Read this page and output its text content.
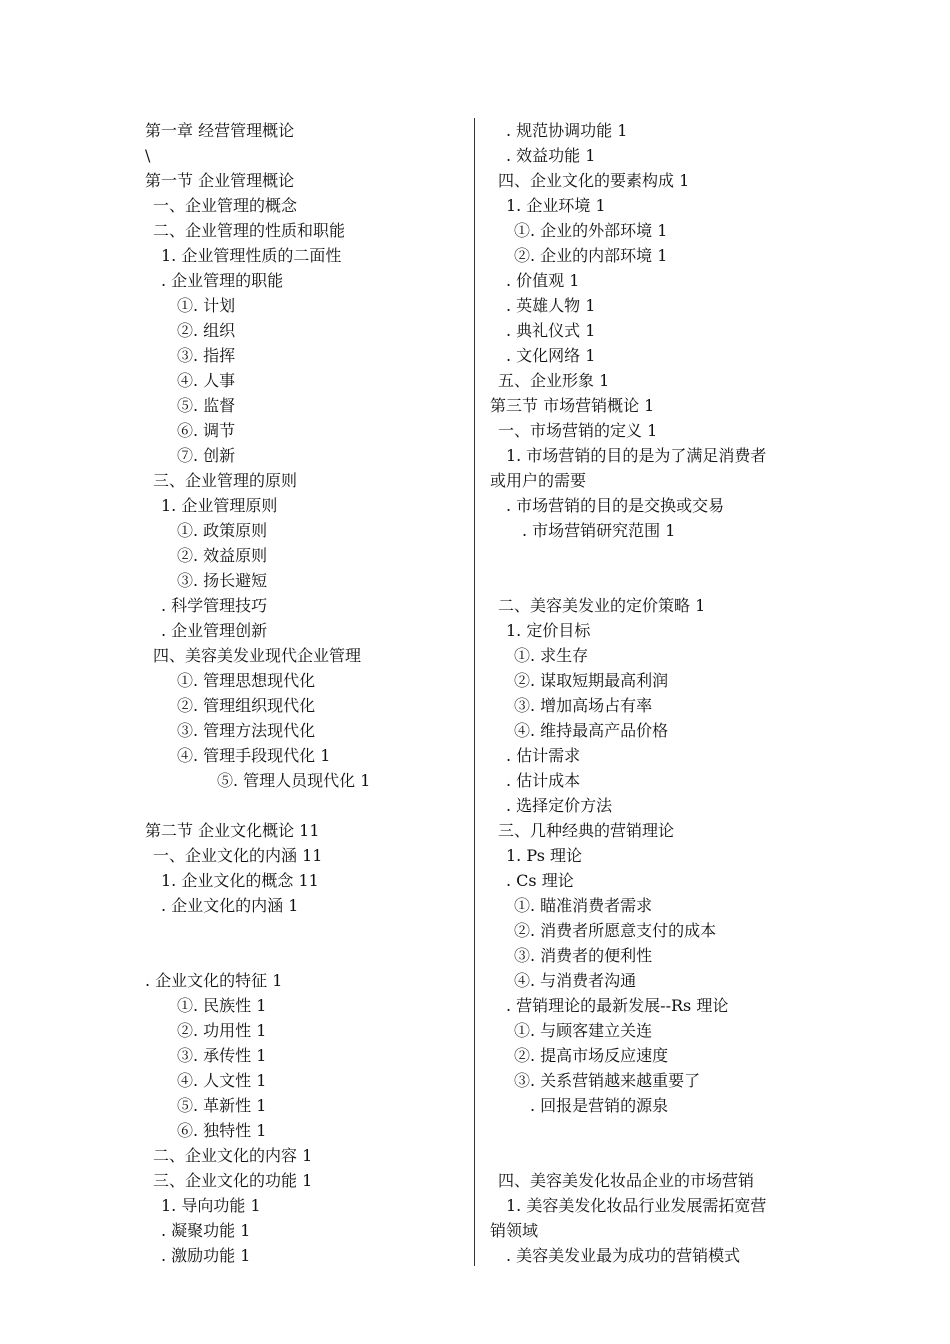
第一章 经营管理概论
\
第一节 企业管理概论
一、企业管理的概念
二、企业管理的性质和职能
1. 企业管理性质的二面性
. 企业管理的职能
①. 计划
②. 组织
③. 指挥
④. 人事
⑤. 监督
⑥. 调节
⑦. 创新
三、企业管理的原则
1. 企业管理原则
①. 政策原则
②. 效益原则
③. 扬长避短
. 科学管理技巧
. 企业管理创新
四、美容美发业现代企业管理
①. 管理思想现代化
②. 管理组织现代化
③. 管理方法现代化
④. 管理手段现代化 1
⑤. 管理人员现代化 1
第二节 企业文化概论 11
一、企业文化的内涵 11
1. 企业文化的概念 11
. 企业文化的内涵 1
. 企业文化的特征 1
①. 民族性 1
②. 功用性 1
③. 承传性 1
④. 人文性 1
⑤. 革新性 1
⑥. 独特性 1
二、企业文化的内容 1
三、企业文化的功能 1
1. 导向功能 1
. 凝聚功能 1
. 激励功能 1
. 规范协调功能 1
. 效益功能 1
四、企业文化的要素构成 1
1. 企业环境 1
①. 企业的外部环境 1
②. 企业的内部环境 1
. 价值观 1
. 英雄人物 1
. 典礼仪式 1
. 文化网络 1
五、企业形象 1
第三节 市场营销概论 1
一、市场营销的定义 1
1. 市场营销的目的是为了满足消费者
或用户的需要
. 市场营销的目的是交换或交易
. 市场营销研究范围 1
二、美容美发业的定价策略 1
1. 定价目标
①. 求生存
②. 谋取短期最高利润
③. 增加高场占有率
④. 维持最高产品价格
. 估计需求
. 估计成本
. 选择定价方法
三、几种经典的营销理论
1. Ps 理论
. Cs 理论
①. 瞄准消费者需求
②. 消费者所愿意支付的成本
③. 消费者的便利性
④. 与消费者沟通
. 营销理论的最新发展--Rs 理论
①. 与顾客建立关连
②. 提高市场反应速度
③. 关系营销越来越重要了
. 回报是营销的源泉
四、美容美发化妆品企业的市场营销
1. 美容美发化妆品行业发展需拓宽营
销领域
. 美容美发业最为成功的营销模式
